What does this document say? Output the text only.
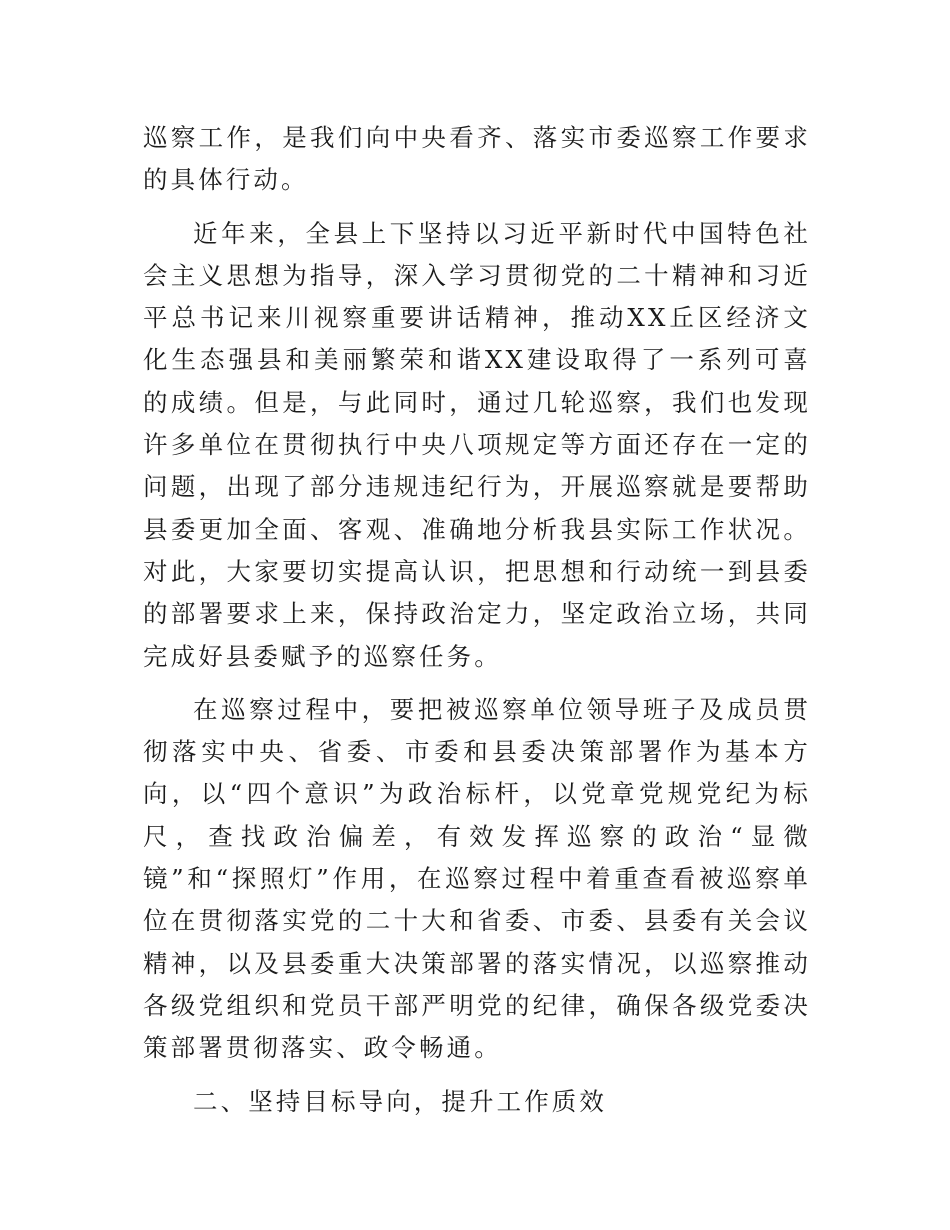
巡察工作，是我们向中央看齐、落实市委巡察工作要求的具体行动。

近年来，全县上下坚持以习近平新时代中国特色社会主义思想为指导，深入学习贯彻党的二十精神和习近平总书记来川视察重要讲话精神，推动XX丘区经济文化生态强县和美丽繁荣和谐XX建设取得了一系列可喜的成绩。但是，与此同时，通过几轮巡察，我们也发现许多单位在贯彻执行中央八项规定等方面还存在一定的问题，出现了部分违规违纪行为，开展巡察就是要帮助县委更加全面、客观、准确地分析我县实际工作状况。对此，大家要切实提高认识，把思想和行动统一到县委的部署要求上来，保持政治定力，坚定政治立场，共同完成好县委赋予的巡察任务。

在巡察过程中，要把被巡察单位领导班子及成员贯彻落实中央、省委、市委和县委决策部署作为基本方向，以“四个意识”为政治标杆，以党章党规党纪为标尺，查找政治偏差，有效发挥巡察的政治“显微镜”和“探照灯”作用，在巡察过程中着重查看被巡察单位在贯彻落实党的二十大和省委、市委、县委有关会议精神，以及县委重大决策部署的落实情况，以巡察推动各级党组织和党员干部严明党的纪律，确保各级党委决策部署贯彻落实、政令畅通。

二、坚持目标导向，提升工作质效
